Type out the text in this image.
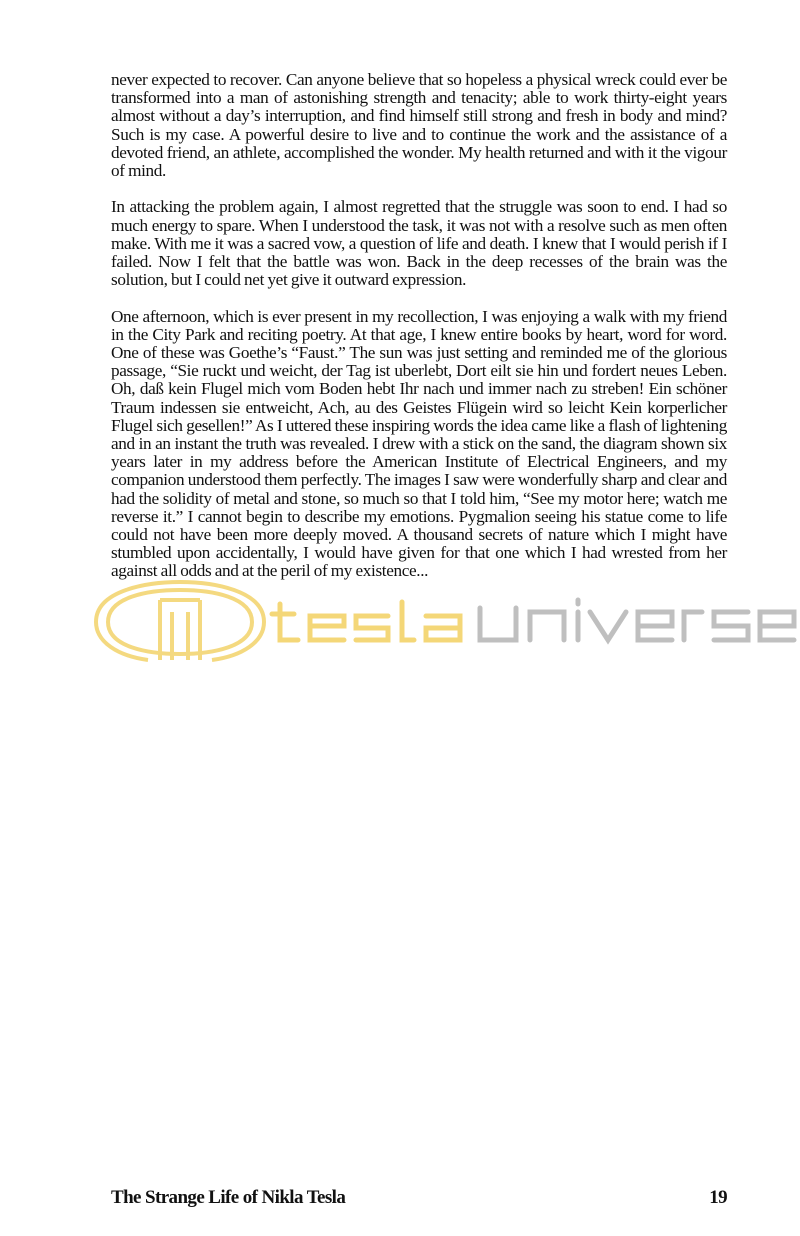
never expected to recover. Can anyone believe that so hopeless a physical wreck could ever be transformed into a man of astonishing strength and tenacity; able to work thirty-eight years almost without a day’s interruption, and find himself still strong and fresh in body and mind? Such is my case. A powerful desire to live and to continue the work and the assistance of a devoted friend, an athlete, accomplished the wonder. My health returned and with it the vigour of mind.

In attacking the problem again, I almost regretted that the struggle was soon to end. I had so much energy to spare. When I understood the task, it was not with a resolve such as men often make. With me it was a sacred vow, a question of life and death. I knew that I would perish if I failed. Now I felt that the battle was won. Back in the deep recesses of the brain was the solution, but I could net yet give it outward expression.

One afternoon, which is ever present in my recollection, I was enjoying a walk with my friend in the City Park and reciting poetry. At that age, I knew entire books by heart, word for word. One of these was Goethe’s “Faust.” The sun was just setting and reminded me of the glorious passage, “Sie ruckt und weicht, der Tag ist uberlebt, Dort eilt sie hin und fordert neues Leben. Oh, daß kein Flugel mich vom Boden hebt Ihr nach und immer nach zu streben! Ein schöner Traum indessen sie entweicht, Ach, au des Geistes Flügein wird so leicht Kein korperlicher Flugel sich gesellen!” As I uttered these inspiring words the idea came like a flash of lightening and in an instant the truth was revealed. I drew with a stick on the sand, the diagram shown six years later in my address before the American Institute of Electrical Engineers, and my companion understood them perfectly. The images I saw were wonderfully sharp and clear and had the solidity of metal and stone, so much so that I told him, “See my motor here; watch me reverse it.” I cannot begin to describe my emotions. Pygmalion seeing his statue come to life could not have been more deeply moved. A thousand secrets of nature which I might have stumbled upon accidentally, I would have given for that one which I had wrested from her against all odds and at the peril of my existence...

The Strange Life of Nikla Tesla	19
